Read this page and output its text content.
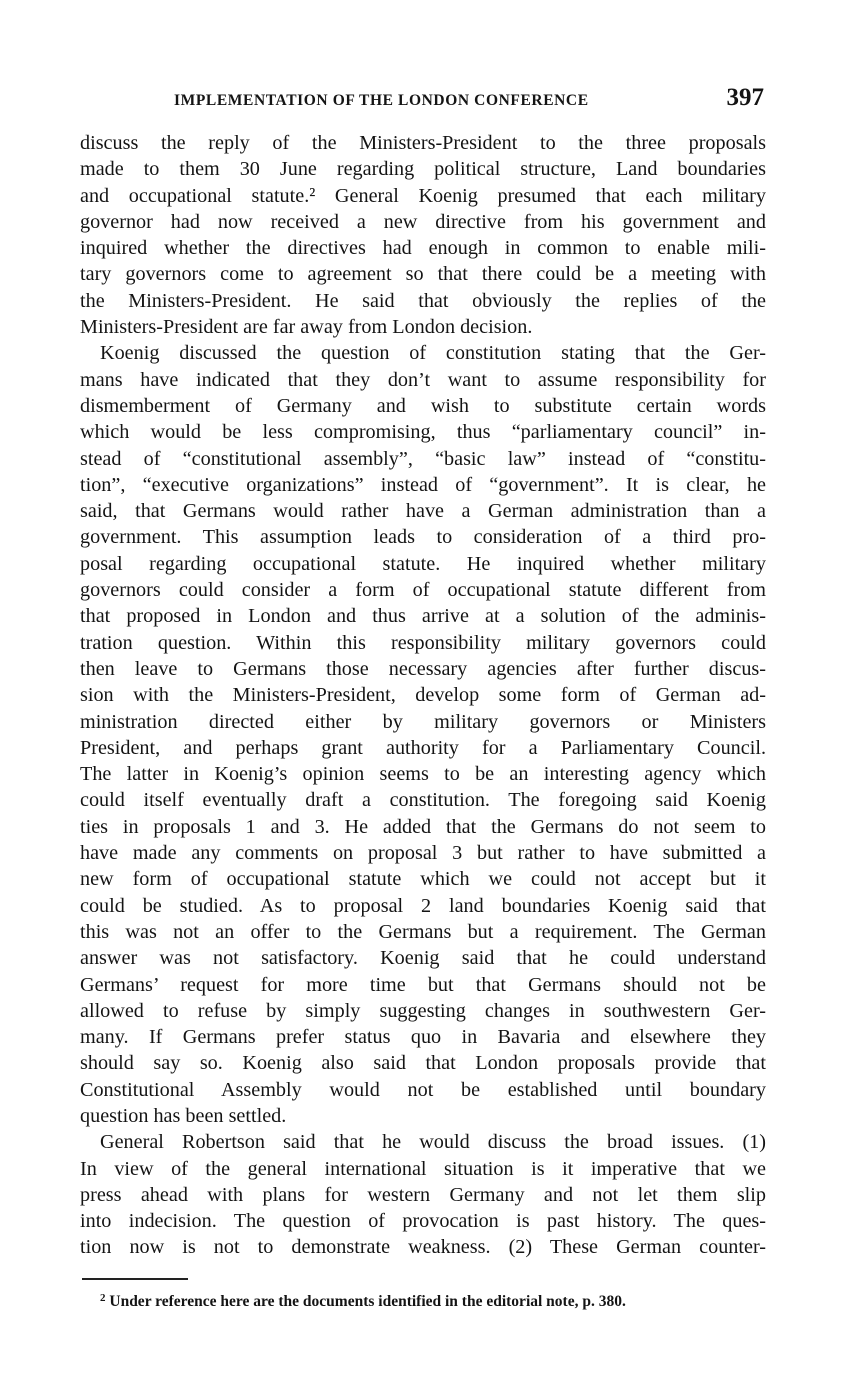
IMPLEMENTATION OF THE LONDON CONFERENCE	397
discuss the reply of the Ministers-President to the three proposals
made to them 30 June regarding political structure, Land boundaries
and occupational statute.² General Koenig presumed that each military
governor had now received a new directive from his government and
inquired whether the directives had enough in common to enable mili-
tary governors come to agreement so that there could be a meeting with
the Ministers-President. He said that obviously the replies of the
Ministers-President are far away from London decision.
Koenig discussed the question of constitution stating that the Ger-
mans have indicated that they don’t want to assume responsibility for
dismemberment of Germany and wish to substitute certain words
which would be less compromising, thus “parliamentary council” in-
stead of “constitutional assembly”, “basic law” instead of “constitu-
tion”, “executive organizations” instead of “government”. It is clear, he
said, that Germans would rather have a German administration than a
government. This assumption leads to consideration of a third pro-
posal regarding occupational statute. He inquired whether military
governors could consider a form of occupational statute different from
that proposed in London and thus arrive at a solution of the adminis-
tration question. Within this responsibility military governors could
then leave to Germans those necessary agencies after further discus-
sion with the Ministers-President, develop some form of German ad-
ministration directed either by military governors or Ministers
President, and perhaps grant authority for a Parliamentary Council.
The latter in Koenig’s opinion seems to be an interesting agency which
could itself eventually draft a constitution. The foregoing said Koenig
ties in proposals 1 and 3. He added that the Germans do not seem to
have made any comments on proposal 3 but rather to have submitted a
new form of occupational statute which we could not accept but it
could be studied. As to proposal 2 land boundaries Koenig said that
this was not an offer to the Germans but a requirement. The German
answer was not satisfactory. Koenig said that he could understand
Germans’ request for more time but that Germans should not be
allowed to refuse by simply suggesting changes in southwestern Ger-
many. If Germans prefer status quo in Bavaria and elsewhere they
should say so. Koenig also said that London proposals provide that
Constitutional Assembly would not be established until boundary
question has been settled.
General Robertson said that he would discuss the broad issues. (1)
In view of the general international situation is it imperative that we
press ahead with plans for western Germany and not let them slip
into indecision. The question of provocation is past history. The ques-
tion now is not to demonstrate weakness. (2) These German counter-
$^2$ Under reference here are the documents identified in the editorial note, p. 380.
